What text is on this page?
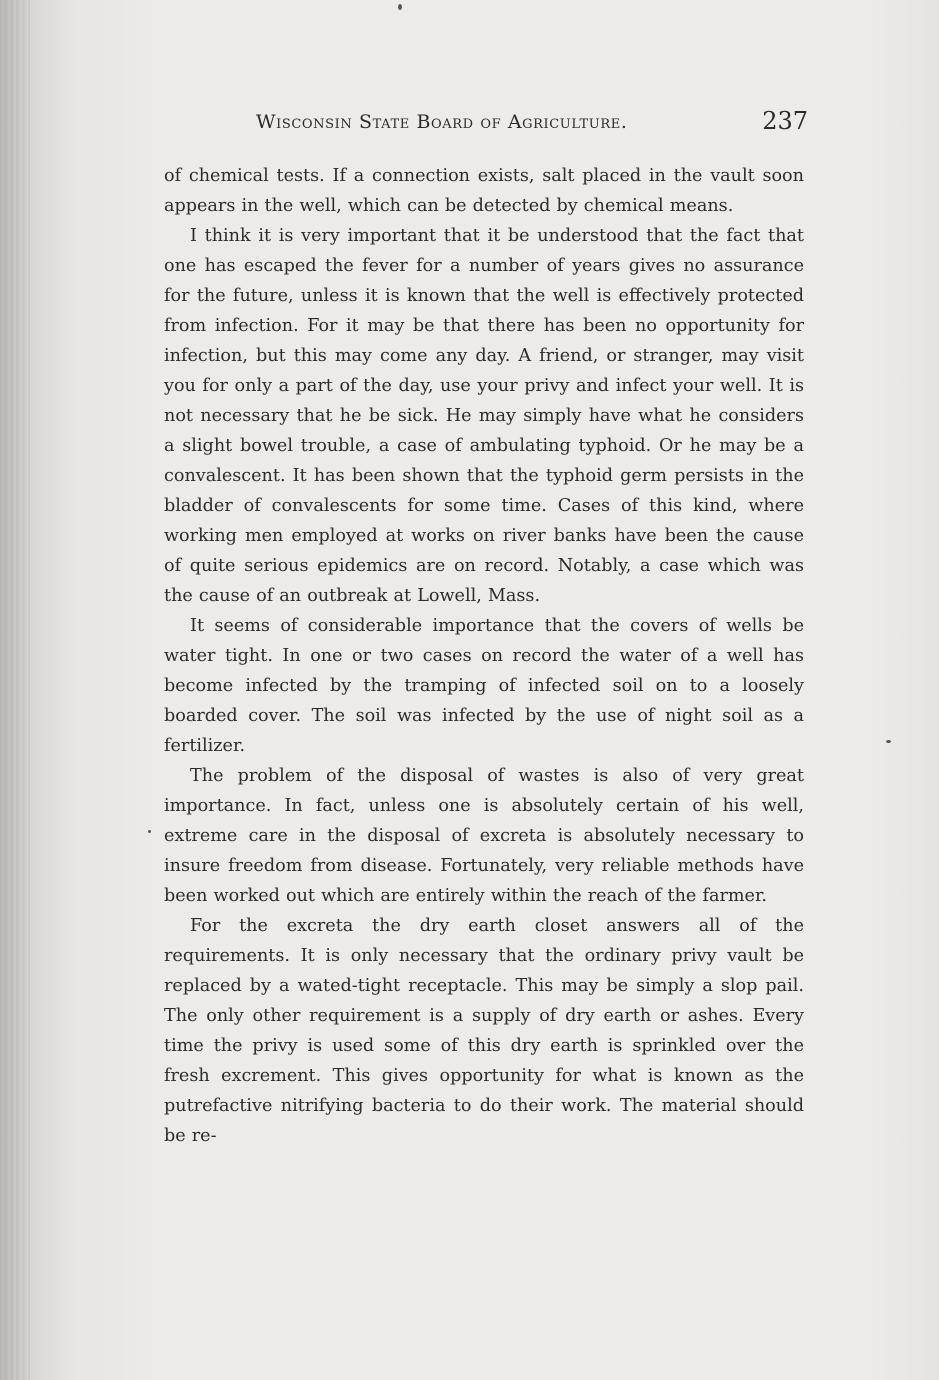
Wisconsin State Board of Agriculture.	237

of chemical tests. If a connection exists, salt placed in the vault soon appears in the well, which can be detected by chemical means.

I think it is very important that it be understood that the fact that one has escaped the fever for a number of years gives no assurance for the future, unless it is known that the well is effectively protected from infection. For it may be that there has been no opportunity for infection, but this may come any day. A friend, or stranger, may visit you for only a part of the day, use your privy and infect your well. It is not necessary that he be sick. He may simply have what he considers a slight bowel trouble, a case of ambulating typhoid. Or he may be a convalescent. It has been shown that the typhoid germ persists in the bladder of convalescents for some time. Cases of this kind, where working men employed at works on river banks have been the cause of quite serious epidemics are on record. Notably, a case which was the cause of an outbreak at Lowell, Mass.

It seems of considerable importance that the covers of wells be water tight. In one or two cases on record the water of a well has become infected by the tramping of infected soil on to a loosely boarded cover. The soil was infected by the use of night soil as a fertilizer.

The problem of the disposal of wastes is also of very great importance. In fact, unless one is absolutely certain of his well, extreme care in the disposal of excreta is absolutely necessary to insure freedom from disease. Fortunately, very reliable methods have been worked out which are entirely within the reach of the farmer.

For the excreta the dry earth closet answers all of the requirements. It is only necessary that the ordinary privy vault be replaced by a wated-tight receptacle. This may be simply a slop pail. The only other requirement is a supply of dry earth or ashes. Every time the privy is used some of this dry earth is sprinkled over the fresh excrement. This gives opportunity for what is known as the putrefactive nitrifying bacteria to do their work. The material should be re-
